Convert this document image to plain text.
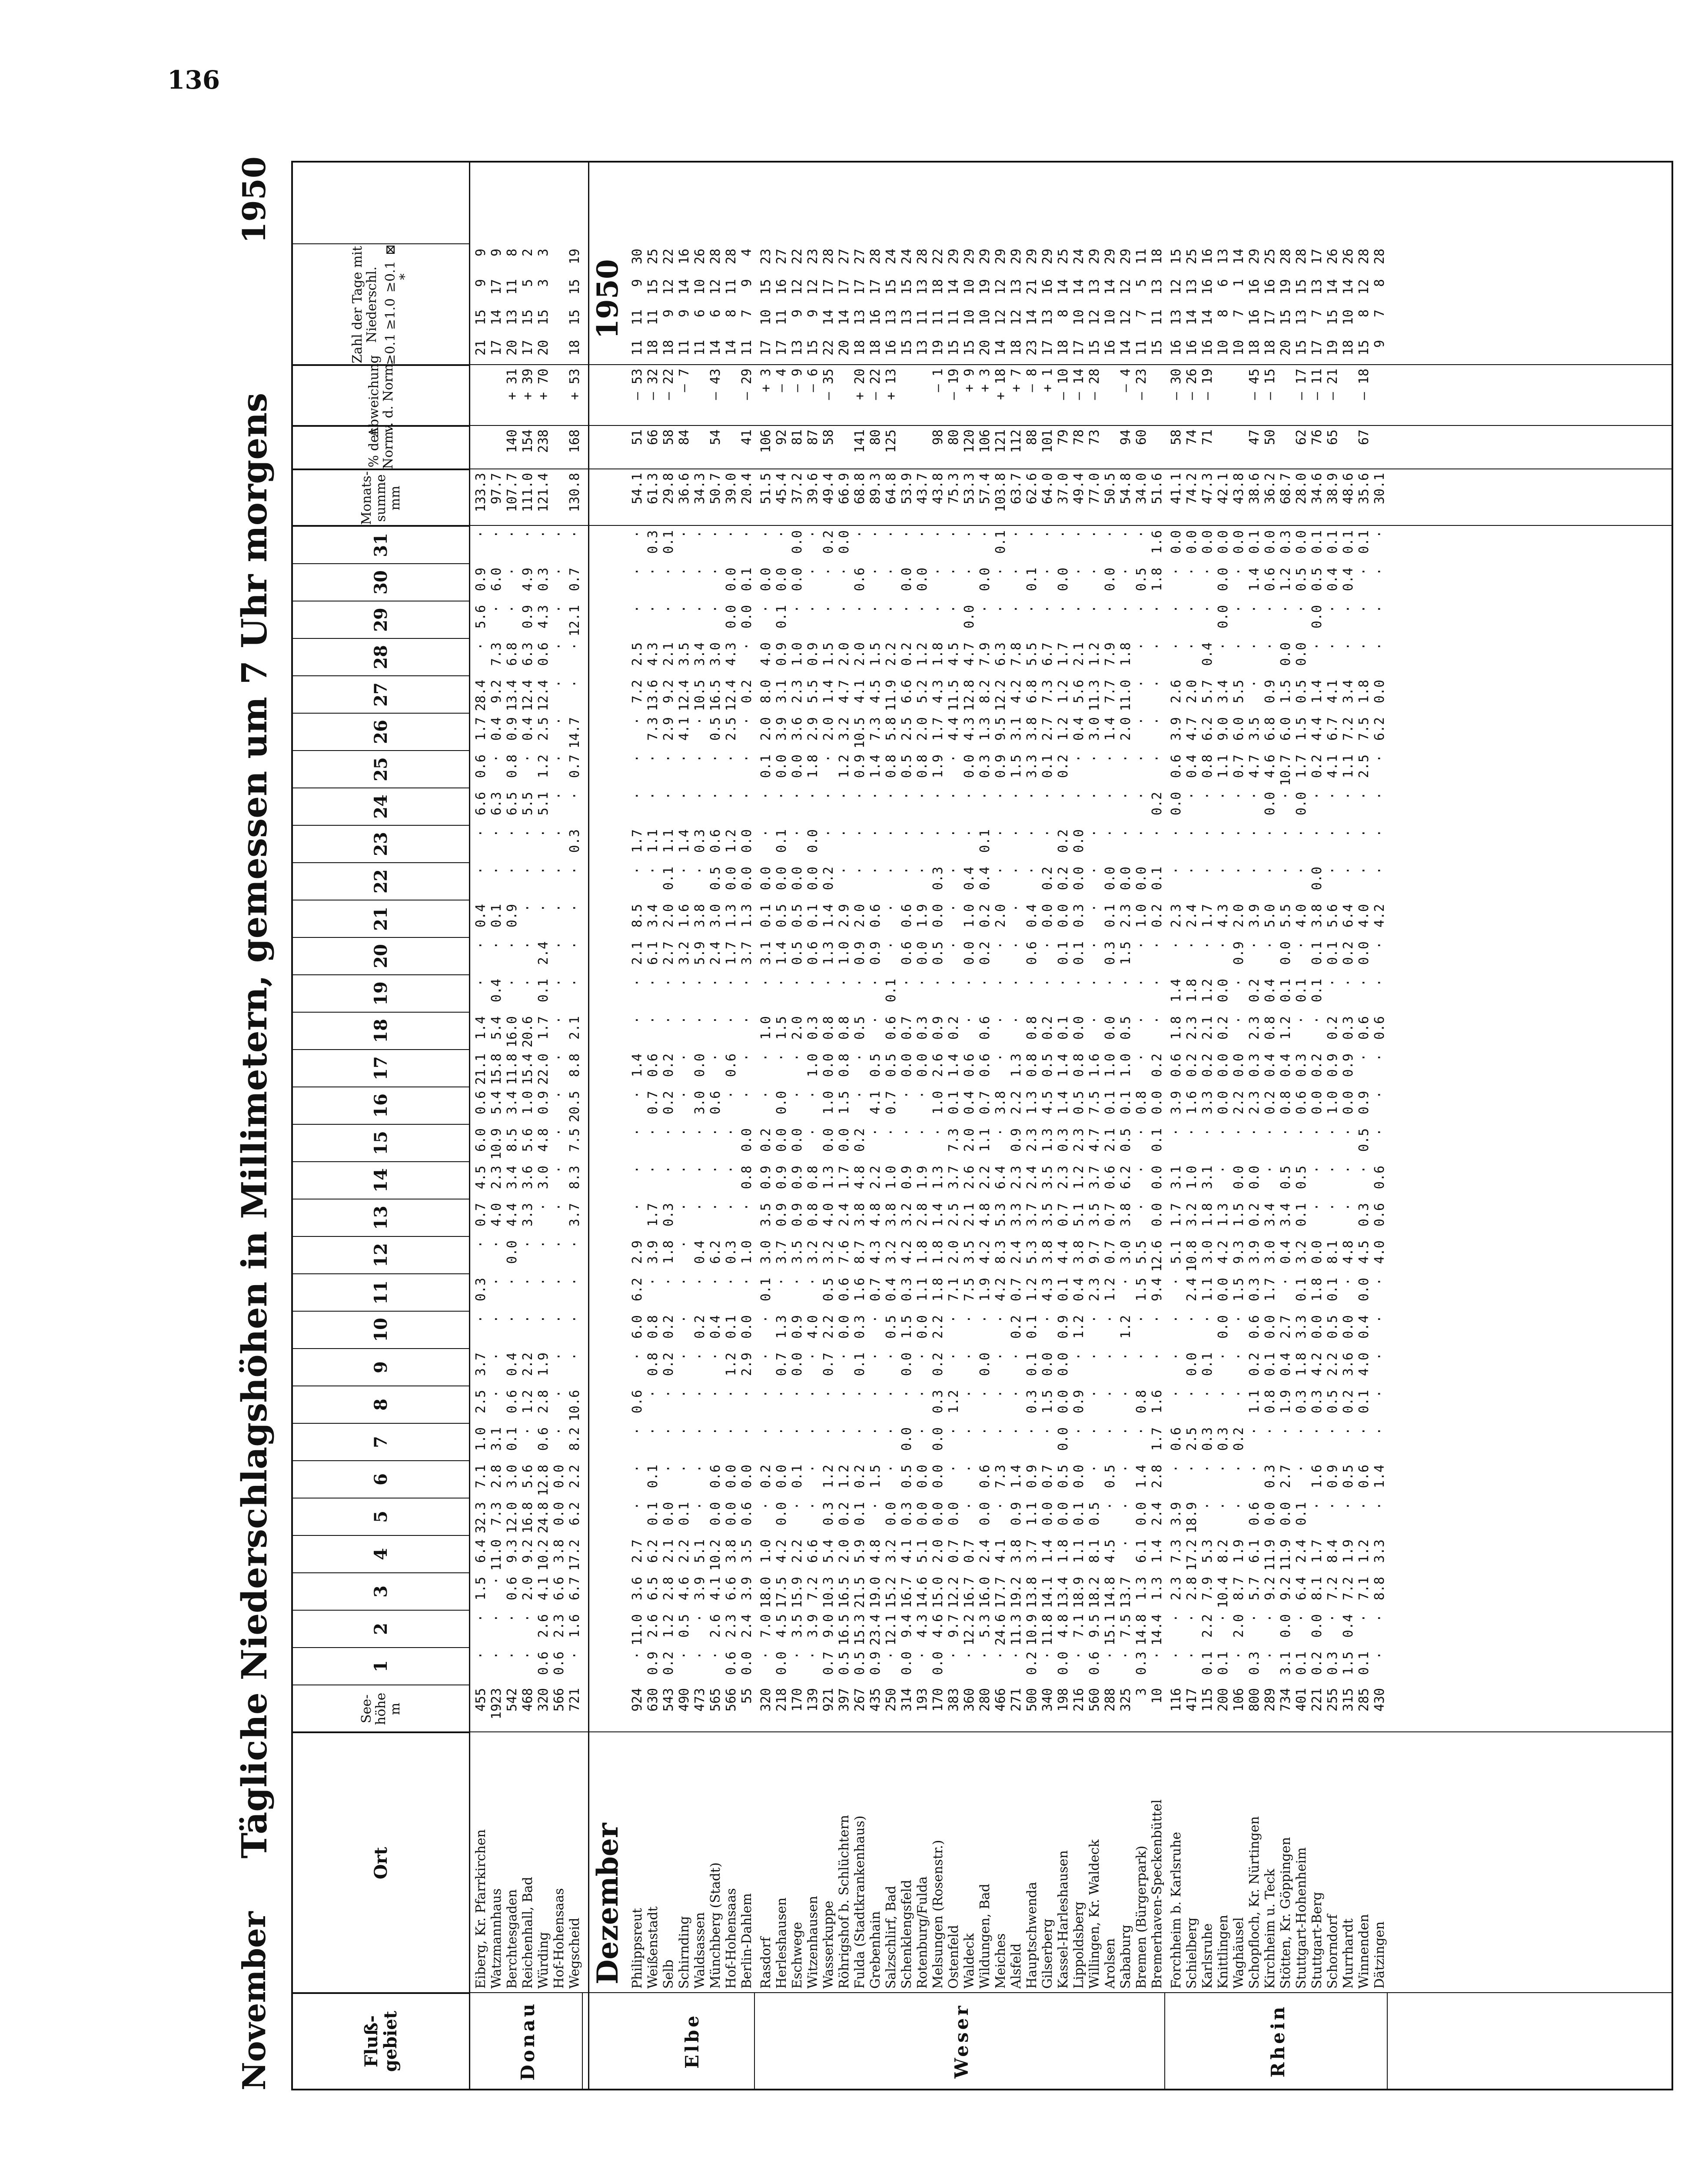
136
November
Tägliche Niederschlagshöhen in Millimetern, gemessen um 7 Uhr morgens
1950
Fluß-gebiet
Ort
See-höhe m
1
2
3
4
5
6
7
8
9
10
11
12
13
14
15
16
17
18
19
20
21
22
23
24
25
26
27
28
29
30
31
Monats-summe mm
% der Norm.
Abweichung v. d. Norm.
Zahl der Tage mit Niederschl.
≥0.1
≥1.0
≥0.1 *
⊠
Eiberg, Kr. Pfarrkirchen
455
·
·
1.5
6.4
32.3
7.1
1.0
2.5
3.7
·
0.3
·
0.7
4.5
6.0
0.6
21.1
1.4
·
·
0.4
·
·
6.6
0.6
1.7
28.4
·
5.6
0.9
·
133.3
21
15
9
9
Watzmannhaus
1923
·
·
·
11.0
7.3
2.8
3.1
·
·
·
·
·
4.0
2.3
10.9
5.4
15.8
5.4
0.4
·
0.1
·
·
6.3
·
0.4
9.2
7.3
·
6.0
·
97.7
17
14
17
9
Berchtesgaden
542
·
·
0.6
9.3
12.0
3.0
0.1
0.6
0.4
·
·
0.0
4.4
3.4
8.5
3.4
11.8
16.0
·
·
0.9
·
·
6.5
0.8
0.9
13.4
6.8
·
·
·
107.7
140
+ 31
20
13
11
8
Reichenhall, Bad
468
·
·
2.0
9.2
16.8
5.6
·
1.2
2.2
·
·
·
3.3
3.6
5.6
1.0
15.4
20.6
·
·
·
·
·
5.5
·
0.4
12.4
6.3
0.9
4.9
·
111.0
154
+ 39
17
15
5
2
Würding
320
0.6
2.6
4.1
10.2
24.8
12.8
0.6
2.8
1.9
·
·
·
·
3.0
4.8
0.9
22.0
1.7
0.1
2.4
·
·
·
5.1
1.2
2.5
12.4
0.6
4.3
0.3
·
121.4
238
+ 70
20
15
3
3
Hof-Hohensaas
566
0.6
2.3
6.6
3.8
0.0
0.0
·
·
·
·
·
·
·
·
·
·
·
·
·
·
·
·
·
·
·
·
·
·
·
·
·
Wegscheid
721
·
1.6
6.7
17.2
6.2
2.2
8.2
10.6
·
·
·
·
3.7
8.3
7.5
20.5
8.8
2.1
·
·
·
·
0.3
·
0.7
14.7
·
·
12.1
0.7
·
130.8
168
+ 53
18
15
15
19
Donau
Dezember
1950
Philippsreut
924
·
11.0
3.6
2.7
·
·
·
0.6
·
6.0
6.2
2.9
·
·
·
·
1.4
·
·
2.1
8.5
·
1.7
·
·
·
7.2
2.5
·
·
·
54.1
51
— 53
11
11
9
30
Weißenstadt
630
0.9
2.6
6.5
6.2
0.1
0.1
·
·
0.8
0.8
·
3.9
1.7
·
·
0.7
0.6
·
·
6.1
3.4
·
1.1
·
·
7.3
13.6
4.3
·
·
0.3
61.3
66
— 32
18
11
15
25
Selb
543
0.2
1.2
2.8
2.1
0.0
·
·
·
0.2
0.2
·
1.8
0.3
·
·
0.2
0.2
·
·
2.7
2.0
0.1
1.1
·
·
2.9
9.2
2.1
·
·
0.1
29.8
58
— 22
18
9
12
22
Schirnding
490
·
0.5
4.6
2.2
0.1
·
·
·
·
·
·
·
·
·
·
·
·
·
·
3.2
1.6
·
1.4
·
·
4.1
12.4
3.5
·
·
·
36.6
84
— 7
11
9
14
16
Waldsassen
473
·
·
3.9
5.1
·
·
·
·
·
0.2
·
0.4
·
·
·
3.0
0.0
·
·
5.9
3.8
·
0.3
·
·
·
10.5
3.4
·
·
·
34.3
11
6
10
26
Münchberg (Stadt)
565
·
2.6
4.1
10.2
0.0
0.6
·
·
·
0.4
·
6.2
·
·
·
0.6
·
·
·
2.4
3.0
0.5
0.6
·
·
0.5
16.5
3.0
·
·
·
50.7
54
— 43
14
6
12
28
Hof-Hohensaas
566
0.6
2.3
6.6
3.8
0.0
0.0
·
·
1.2
0.1
·
0.3
·
·
·
·
0.6
·
·
1.7
1.3
0.0
1.2
·
·
2.5
12.4
4.3
0.0
0.0
·
39.0
14
8
11
28
Berlin-Dahlem
55
0.0
2.4
3.9
3.5
0.6
0.0
·
·
2.9
0.0
·
1.0
·
0.8
0.0
·
·
·
·
3.7
1.3
0.0
0.0
·
·
·
0.2
·
0.0
0.1
·
20.4
41
— 29
11
7
9
4
Elbe
Rasdorf
320
·
7.0
18.0
1.0
·
0.2
·
·
·
·
0.1
3.0
3.5
0.9
0.2
·
·
1.0
·
3.1
0.1
0.0
·
·
0.1
2.0
8.0
4.0
·
0.0
·
51.5
106
+ 3
17
10
15
23
Herleshausen
218
0.0
4.5
17.5
4.2
0.0
0.0
·
·
0.7
1.3
·
3.7
0.9
0.9
0.0
0.0
·
1.5
·
1.4
0.5
0.0
0.1
·
0.0
3.9
3.1
0.9
0.1
0.0
·
45.4
92
— 4
17
11
16
27
Eschwege
170
·
3.5
15.9
2.2
·
0.1
·
·
0.0
0.9
·
3.5
0.9
0.9
0.0
·
·
2.0
·
0.5
0.5
0.0
·
·
0.0
3.6
2.3
1.0
·
0.0
0.0
37.2
81
— 9
13
9
12
22
Witzenhausen
139
·
3.9
7.2
6.6
·
·
·
·
·
4.0
·
3.2
0.8
0.8
·
·
1.0
0.3
·
0.6
0.1
0.0
0.0
·
1.8
2.9
5.5
0.9
·
·
·
39.6
87
— 6
15
9
12
23
Wasserkuppe
921
0.7
9.0
10.3
5.4
0.3
1.2
·
·
0.7
2.2
0.5
3.2
4.0
1.3
0.0
1.0
0.0
0.8
·
1.3
1.4
0.2
·
·
·
2.0
1.4
1.5
·
·
0.2
49.4
58
— 35
22
14
17
28
Röhrigshof b. Schlüchtern
397
0.5
16.5
16.5
2.0
0.2
1.2
·
·
·
0.0
0.6
7.6
2.4
1.7
0.0
1.5
0.8
0.8
·
1.0
2.9
·
·
·
1.2
3.2
4.7
2.0
·
·
0.0
66.9
20
14
17
27
Fulda (Stadtkrankenhaus)
267
0.5
15.3
21.5
5.9
0.1
0.2
·
·
0.1
0.3
1.6
8.7
3.8
4.8
0.2
·
·
0.5
·
0.9
2.0
·
·
·
0.9
10.5
4.1
2.0
·
0.6
·
68.8
141
+ 20
18
13
17
27
Grebenhain
435
0.9
23.4
19.0
4.8
·
1.5
·
·
·
·
0.7
4.3
4.8
2.2
·
4.1
0.5
·
·
0.9
0.6
·
·
·
1.4
7.3
4.5
1.5
·
·
·
89.3
80
— 22
18
16
17
28
Salzschlirf, Bad
250
·
12.1
15.2
3.2
0.0
·
·
·
·
0.5
0.4
3.2
3.8
1.0
·
0.7
0.5
0.6
0.1
·
·
·
·
·
0.8
5.8
11.9
2.2
·
·
·
64.8
125
+ 13
16
13
15
24
Schenklengsfeld
314
0.0
9.4
16.7
4.1
0.3
0.5
0.0
·
0.0
1.5
0.3
4.2
3.2
0.9
·
·
0.0
0.7
·
0.6
0.6
·
·
·
0.5
2.5
6.6
0.2
·
0.0
·
53.9
15
13
15
24
Rotenburg/Fulda
193
·
4.3
14.6
5.1
0.0
0.0
·
·
·
0.0
1.1
1.8
2.8
1.9
·
·
0.0
0.3
·
0.0
1.9
·
·
·
0.8
2.0
5.2
1.2
·
0.0
·
43.7
13
11
13
28
Melsungen (Rosenstr.)
170
0.0
4.6
15.0
2.0
0.0
0.0
0.0
0.3
0.2
2.2
1.8
1.8
1.4
1.3
·
1.0
2.6
0.9
·
0.5
0.0
0.3
·
·
1.9
1.7
4.3
1.8
·
·
·
43.8
98
— 1
19
11
18
22
Ostenfeld
383
·
9.7
12.2
0.7
0.0
·
·
1.2
·
·
7.1
2.0
2.5
3.7
7.3
0.1
1.4
0.2
·
·
·
·
·
·
·
4.4
11.5
4.5
·
·
·
75.3
80
— 19
15
11
14
29
Waldeck
360
·
12.2
16.7
0.7
·
·
·
·
·
·
7.5
3.5
2.1
2.6
2.0
0.4
0.6
·
·
0.0
1.0
0.4
·
·
0.0
4.3
12.8
4.7
0.0
·
·
53.3
120
+ 9
15
10
10
29
Wildungen, Bad
280
·
5.3
16.0
2.4
0.0
0.6
·
·
0.0
·
1.9
4.2
4.8
2.2
1.1
0.7
0.6
0.6
·
0.2
0.2
0.4
0.1
·
0.3
1.3
8.2
7.9
·
0.0
·
57.4
106
+ 3
20
10
19
29
Meiches
466
·
24.6
17.7
4.1
·
7.3
·
·
·
·
4.2
8.3
5.3
6.4
·
3.8
·
·
·
·
2.0
·
·
·
0.9
9.5
12.2
6.3
·
·
0.1
103.8
121
+ 18
14
12
12
29
Alsfeld
271
·
11.3
19.2
3.8
0.9
1.4
·
·
·
0.2
0.7
2.4
3.3
2.3
0.9
2.2
1.3
·
·
·
·
·
·
·
1.5
3.1
4.2
7.8
·
·
·
63.7
112
+ 7
18
12
13
29
Hauptschwenda
500
0.2
10.9
13.8
3.7
1.1
0.9
·
0.3
0.1
0.1
1.2
5.3
3.7
2.4
2.3
1.3
0.8
0.8
·
0.6
0.4
·
·
·
3.3
3.8
6.8
5.5
·
0.1
·
62.6
88
— 8
23
14
21
29
Gilserberg
340
·
11.8
14.1
1.4
0.0
0.7
·
1.5
0.0
·
4.3
3.8
3.5
3.5
1.3
4.5
0.5
0.2
·
·
0.0
0.2
·
·
0.1
2.7
7.3
6.7
·
·
·
64.0
101
+ 1
17
13
16
29
Kassel-Harleshausen
198
0.0
4.8
13.4
1.8
0.0
0.5
0.0
0.0
0.0
0.9
0.1
4.4
0.7
2.3
0.3
1.4
1.4
0.1
·
0.1
0.0
0.2
0.2
·
0.2
1.2
1.2
1.7
·
0.0
·
37.0
79
— 10
18
8
14
25
Lippoldsberg
216
·
7.1
18.9
1.1
0.1
0.0
·
0.9
·
1.2
0.4
3.8
5.1
1.2
2.3
0.5
0.8
0.0
·
0.1
0.3
0.0
0.0
·
·
0.4
5.6
2.1
·
·
·
49.4
78
— 14
17
10
14
24
Willingen, Kr. Waldeck
560
0.6
9.5
18.2
8.1
0.5
·
·
·
·
·
2.3
9.7
3.5
3.7
4.7
7.5
1.6
·
·
·
·
·
·
·
·
3.0
11.3
1.2
·
·
·
77.0
73
— 28
15
12
13
29
Arolsen
288
·
15.1
14.8
4.5
·
0.5
·
·
·
·
1.2
0.7
0.7
0.6
2.1
0.1
1.0
0.0
·
0.3
0.1
0.0
·
·
·
1.4
7.7
7.9
·
0.0
·
50.5
16
10
14
29
Sababurg
325
·
7.5
13.7
·
·
·
·
·
·
1.2
·
3.0
3.8
6.2
0.5
0.1
1.0
0.5
·
1.5
2.3
0.0
·
·
·
2.0
11.0
1.8
·
·
·
54.8
94
— 4
14
12
12
29
Bremen (Bürgerpark)
3
0.3
14.8
1.3
6.1
0.0
1.4
·
0.8
·
·
1.5
5.5
·
·
·
0.8
·
·
·
·
1.0
0.0
·
·
·
·
·
·
·
0.5
·
34.0
60
— 23
11
7
5
11
Bremerhaven-Speckenbüttel
10
·
14.4
1.3
1.4
2.4
2.8
1.7
1.6
·
·
9.4
12.6
0.0
0.0
0.1
0.0
0.2
·
·
·
0.2
0.1
·
0.2
·
·
·
·
·
1.8
1.6
51.6
15
11
13
18
Weser
Forchheim b. Karlsruhe
116
·
·
2.3
7.3
3.9
·
0.6
·
·
·
·
5.1
1.7
3.1
·
3.9
0.6
1.8
1.4
·
2.3
·
·
0.0
0.6
3.9
2.6
·
·
·
0.0
41.1
58
— 30
16
13
12
15
Schielberg
417
·
·
2.8
17.2
18.9
·
2.5
·
0.0
·
2.4
10.8
3.2
1.0
·
1.6
0.2
2.3
1.8
·
2.4
·
·
·
0.4
4.7
2.0
·
·
·
0.0
74.2
74
— 26
16
14
13
25
Karlsruhe
115
0.1
2.2
7.9
5.3
·
·
0.3
·
0.1
·
1.1
3.0
1.8
3.1
·
3.3
0.2
2.1
1.2
·
1.7
·
·
·
0.8
6.2
5.7
0.4
·
·
0.0
47.3
71
— 19
16
14
16
16
Knittlingen
200
0.1
·
10.4
8.2
·
·
0.3
·
·
0.0
0.0
4.2
1.3
·
·
0.0
0.0
0.2
0.0
·
4.3
·
·
·
1.1
9.0
3.4
·
0.0
0.0
0.0
42.1
10
8
6
13
Waghäusel
106
·
2.0
8.7
1.9
·
·
0.2
·
·
·
1.5
9.3
1.5
0.0
·
2.2
0.0
·
·
0.9
2.0
·
·
·
0.7
6.0
5.5
·
·
·
0.0
43.8
10
7
1
14
Schopfloch, Kr. Nürtingen
800
0.3
·
5.7
6.1
0.6
·
·
1.1
0.2
0.6
0.3
3.9
0.2
0.0
·
2.3
0.3
2.3
0.2
·
3.9
·
·
·
4.7
3.5
·
·
·
1.4
0.1
38.6
47
— 45
18
16
16
29
Kirchheim u. Teck
289
·
·
9.2
11.9
0.0
0.3
·
0.8
0.1
0.0
1.7
3.0
3.4
·
·
0.2
0.4
0.8
0.4
·
5.0
·
·
0.0
4.6
6.8
0.9
·
·
0.6
0.0
36.2
50
— 15
18
17
16
25
Stötten, Kr. Göppingen
734
3.1
0.0
9.2
11.9
0.0
2.7
·
1.9
0.4
2.7
·
0.4
3.4
0.5
·
0.8
0.4
1.2
0.1
0.0
5.5
·
·
·
10.7
6.0
1.5
0.0
·
1.2
0.3
68.7
20
15
19
28
Stuttgart-Hohenheim
401
0.1
·
6.4
2.4
0.1
·
·
0.3
1.8
3.3
0.1
3.2
0.1
0.5
·
0.6
0.3
·
0.1
·
4.0
·
·
0.0
1.7
1.5
0.5
0.0
·
0.5
0.0
28.0
62
— 17
15
13
15
28
Stuttgart-Berg
221
0.2
0.0
8.1
1.7
·
1.6
·
0.3
4.2
0.0
1.8
0.0
·
·
·
0.0
0.2
·
0.1
0.1
3.8
0.0
·
·
0.2
4.4
1.4
·
0.0
0.5
0.1
34.6
76
— 11
17
7
13
17
Schorndorf
255
0.3
·
7.2
8.4
·
0.9
·
0.5
2.2
0.5
0.1
8.1
·
·
·
1.0
0.9
0.2
·
0.1
5.6
·
·
·
4.1
6.7
4.1
·
·
0.4
0.1
38.9
65
— 21
19
15
14
26
Murrhardt
315
1.5
0.4
7.2
1.9
·
0.5
·
0.2
3.6
0.0
·
4.8
·
·
·
0.0
0.9
0.3
·
0.2
6.4
·
·
·
1.1
7.2
3.4
·
·
0.4
0.1
48.6
18
10
14
26
Winnenden
285
0.1
·
7.1
1.2
·
0.6
·
0.1
4.0
0.4
0.0
4.5
0.3
·
0.5
0.9
·
0.6
·
0.0
4.0
·
·
·
2.5
7.5
1.8
·
·
·
0.1
35.6
67
— 18
15
8
12
28
Dätzingen
430
·
·
8.8
3.3
·
1.4
·
·
·
·
·
4.0
0.6
0.6
·
·
·
0.6
·
·
4.2
·
·
·
·
6.2
0.0
·
·
·
·
30.1
9
7
8
28
Rhein
